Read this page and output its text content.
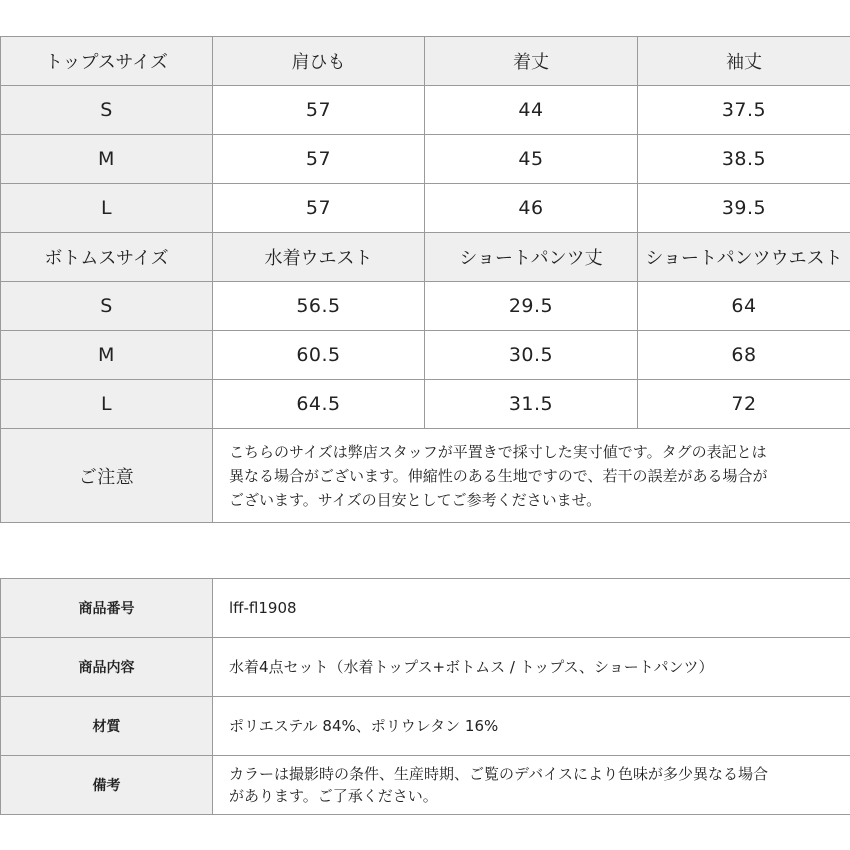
トップスサイズ	肩ひも	着丈	袖丈
S	57	44	37.5
M	57	45	38.5
L	57	46	39.5
ボトムスサイズ	水着ウエスト	ショートパンツ丈	ショートパンツウエスト
S	56.5	29.5	64
M	60.5	30.5	68
L	64.5	31.5	72
ご注意	こちらのサイズは弊店スタッフが平置きで採寸した実寸値です。タグの表記とは
異なる場合がございます。伸縮性のある生地ですので、若干の誤差がある場合が
ございます。サイズの目安としてご参考くださいませ。		
商品番号	lff-fl1908

商品内容	水着4点セット（水着トップス+ボトムス / トップス、ショートパンツ）

材質	ポリエステル 84%、ポリウレタン 16%

備考	カラーは撮影時の条件、生産時期、ご覧のデバイスにより色味が多少異なる場合
があります。ご了承ください。
